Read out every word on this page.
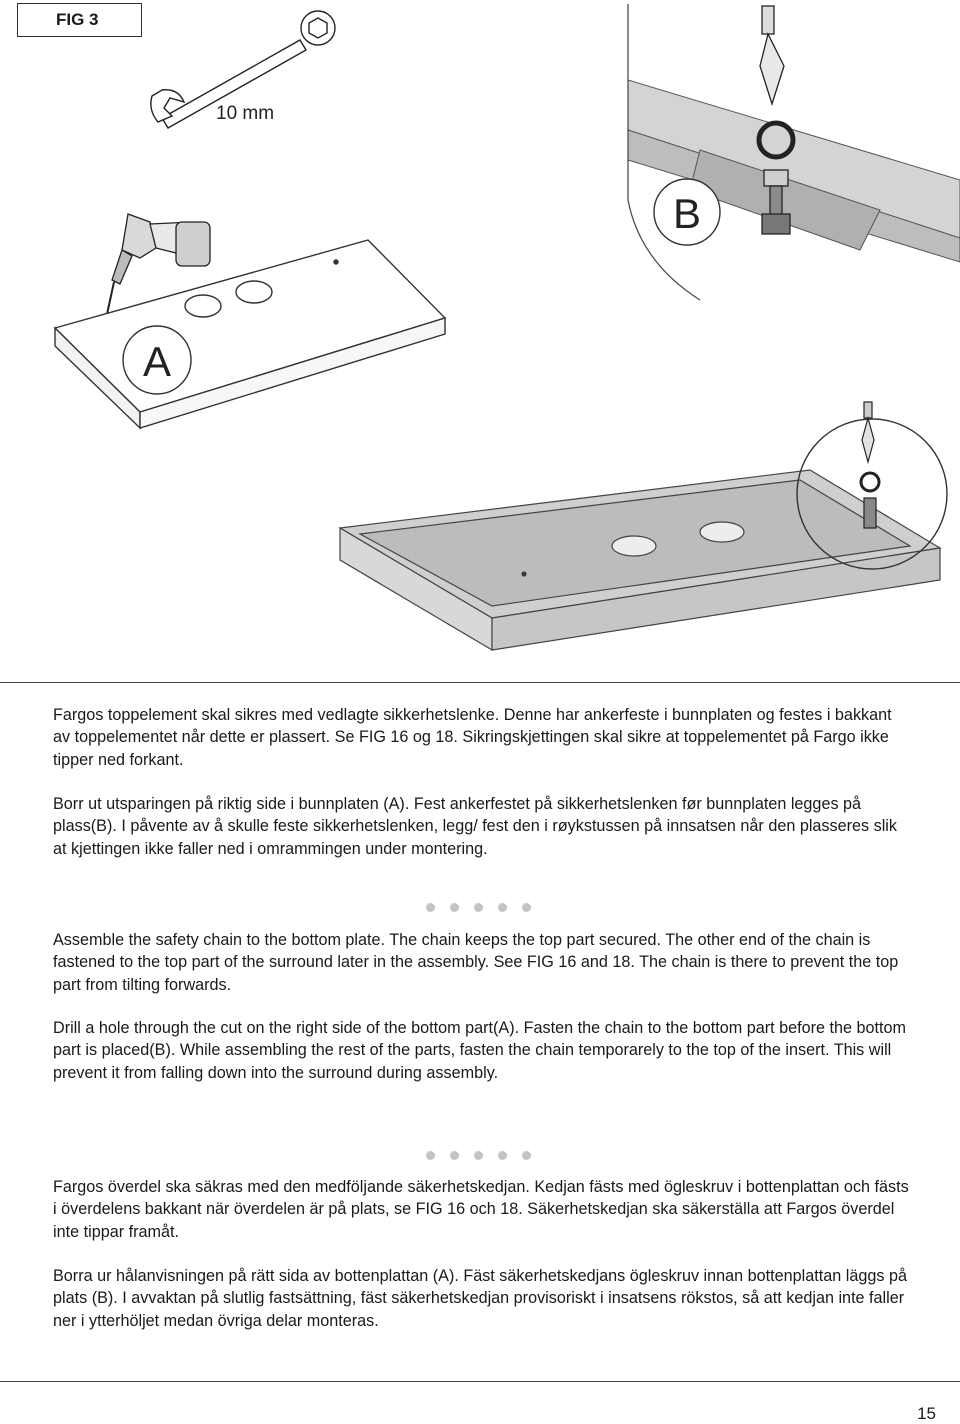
FIG 3
10 mm
A
B

Fargos toppelement skal sikres med vedlagte sikkerhetslenke. Denne har ankerfeste i bunnplaten og festes i bakkant av toppelementet når dette er plassert. Se FIG 16 og 18. Sikringskjettingen skal sikre at toppelementet på Fargo ikke tipper ned forkant.

Borr ut utsparingen på riktig side i bunnplaten (A). Fest ankerfestet på sikkerhetslenken før bunnplaten legges på plass(B). I påvente av å skulle feste sikkerhetslenken, legg/ fest den i røykstussen på innsatsen når den plasseres slik at kjettingen ikke faller ned i omrammingen under montering.

Assemble the safety chain to the bottom plate. The chain keeps the top part secured. The other end of the chain is fastened to the top part of the surround later in the assembly. See FIG 16 and 18. The chain is there to prevent the top part from tilting forwards.

Drill a hole through the cut on the right side of the bottom part(A). Fasten the chain to the bottom part before the bottom part is placed(B). While assembling the rest of the parts, fasten the chain temporarely to the top of the insert. This will prevent it from falling down into the surround during assembly.

Fargos överdel ska säkras med den medföljande säkerhetskedjan. Kedjan fästs med ögleskruv i bottenplattan och fästs i överdelens bakkant när överdelen är på plats, se FIG 16 och 18. Säkerhetskedjan ska säkerställa att Fargos överdel inte tippar framåt.

Borra ur hålanvisningen på rätt sida av bottenplattan (A). Fäst säkerhetskedjans ögleskruv innan bottenplattan läggs på plats (B). I avvaktan på slutlig fastsättning, fäst säkerhetskedjan provisoriskt i insatsens rökstos, så att kedjan inte faller ner i ytterhöljet medan övriga delar monteras.

15
